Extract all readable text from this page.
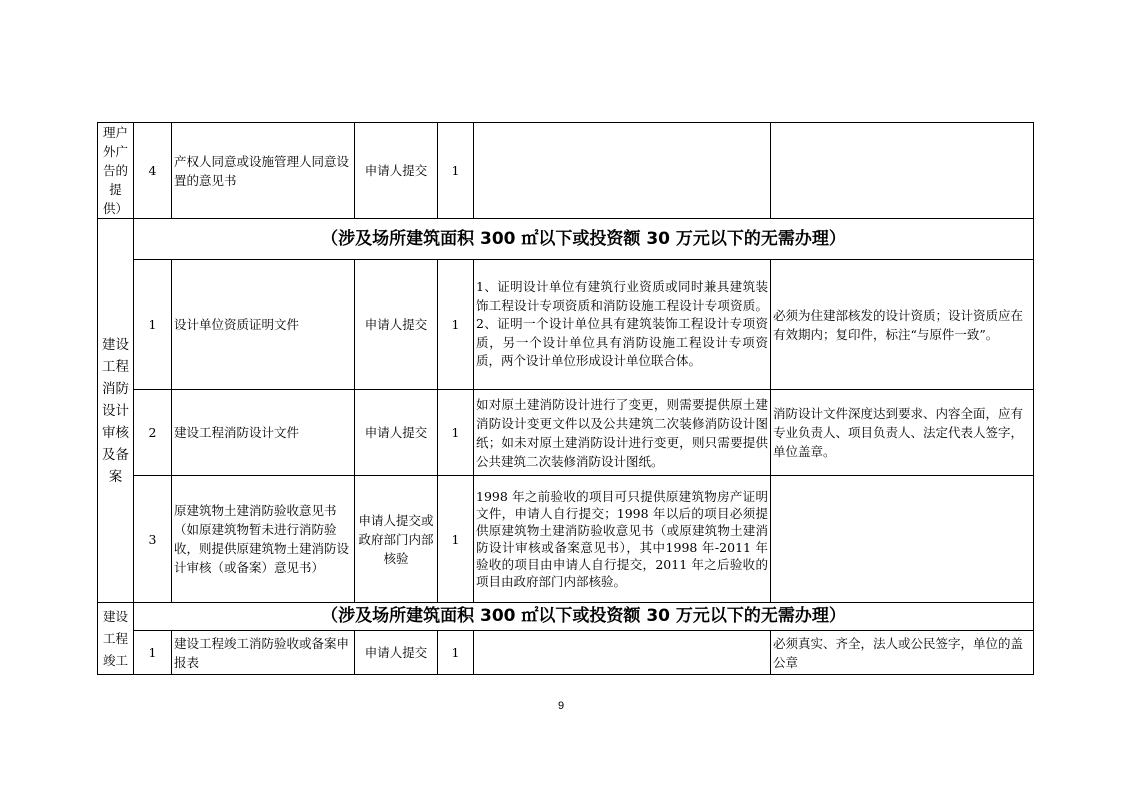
理户外广告的提供）	4	产权人同意或设施管理人同意设置的意见书	申请人提交	1		
建设工程消防设计审核及备案	（涉及场所建筑面积 300 ㎡以下或投资额 30 万元以下的无需办理）					
	1	设计单位资质证明文件	申请人提交	1	1、证明设计单位有建筑行业资质或同时兼具建筑装饰工程设计专项资质和消防设施工程设计专项资质。2、证明一个设计单位具有建筑装饰工程设计专项资质，另一个设计单位具有消防设施工程设计专项资质，两个设计单位形成设计单位联合体。	必须为住建部核发的设计资质；设计资质应在有效期内；复印件，标注“与原件一致”。
	2	建设工程消防设计文件	申请人提交	1	如对原土建消防设计进行了变更，则需要提供原土建消防设计变更文件以及公共建筑二次装修消防设计图纸；如未对原土建消防设计进行变更，则只需要提供公共建筑二次装修消防设计图纸。	消防设计文件深度达到要求、内容全面，应有专业负责人、项目负责人、法定代表人签字，单位盖章。
	3	原建筑物土建消防验收意见书（如原建筑物暂未进行消防验收，则提供原建筑物土建消防设计审核（或备案）意见书）	申请人提交或政府部门内部核验	1	1998 年之前验收的项目可只提供原建筑物房产证明文件，申请人自行提交；1998 年以后的项目必须提供原建筑物土建消防验收意见书（或原建筑物土建消防设计审核或备案意见书），其中1998 年-2011 年验收的项目由申请人自行提交，2011 年之后验收的项目由政府部门内部核验。	
建设工程竣工	（涉及场所建筑面积 300 ㎡以下或投资额 30 万元以下的无需办理）					
	1	建设工程竣工消防验收或备案申报表	申请人提交	1		必须真实、齐全，法人或公民签字，单位的盖公章
9
